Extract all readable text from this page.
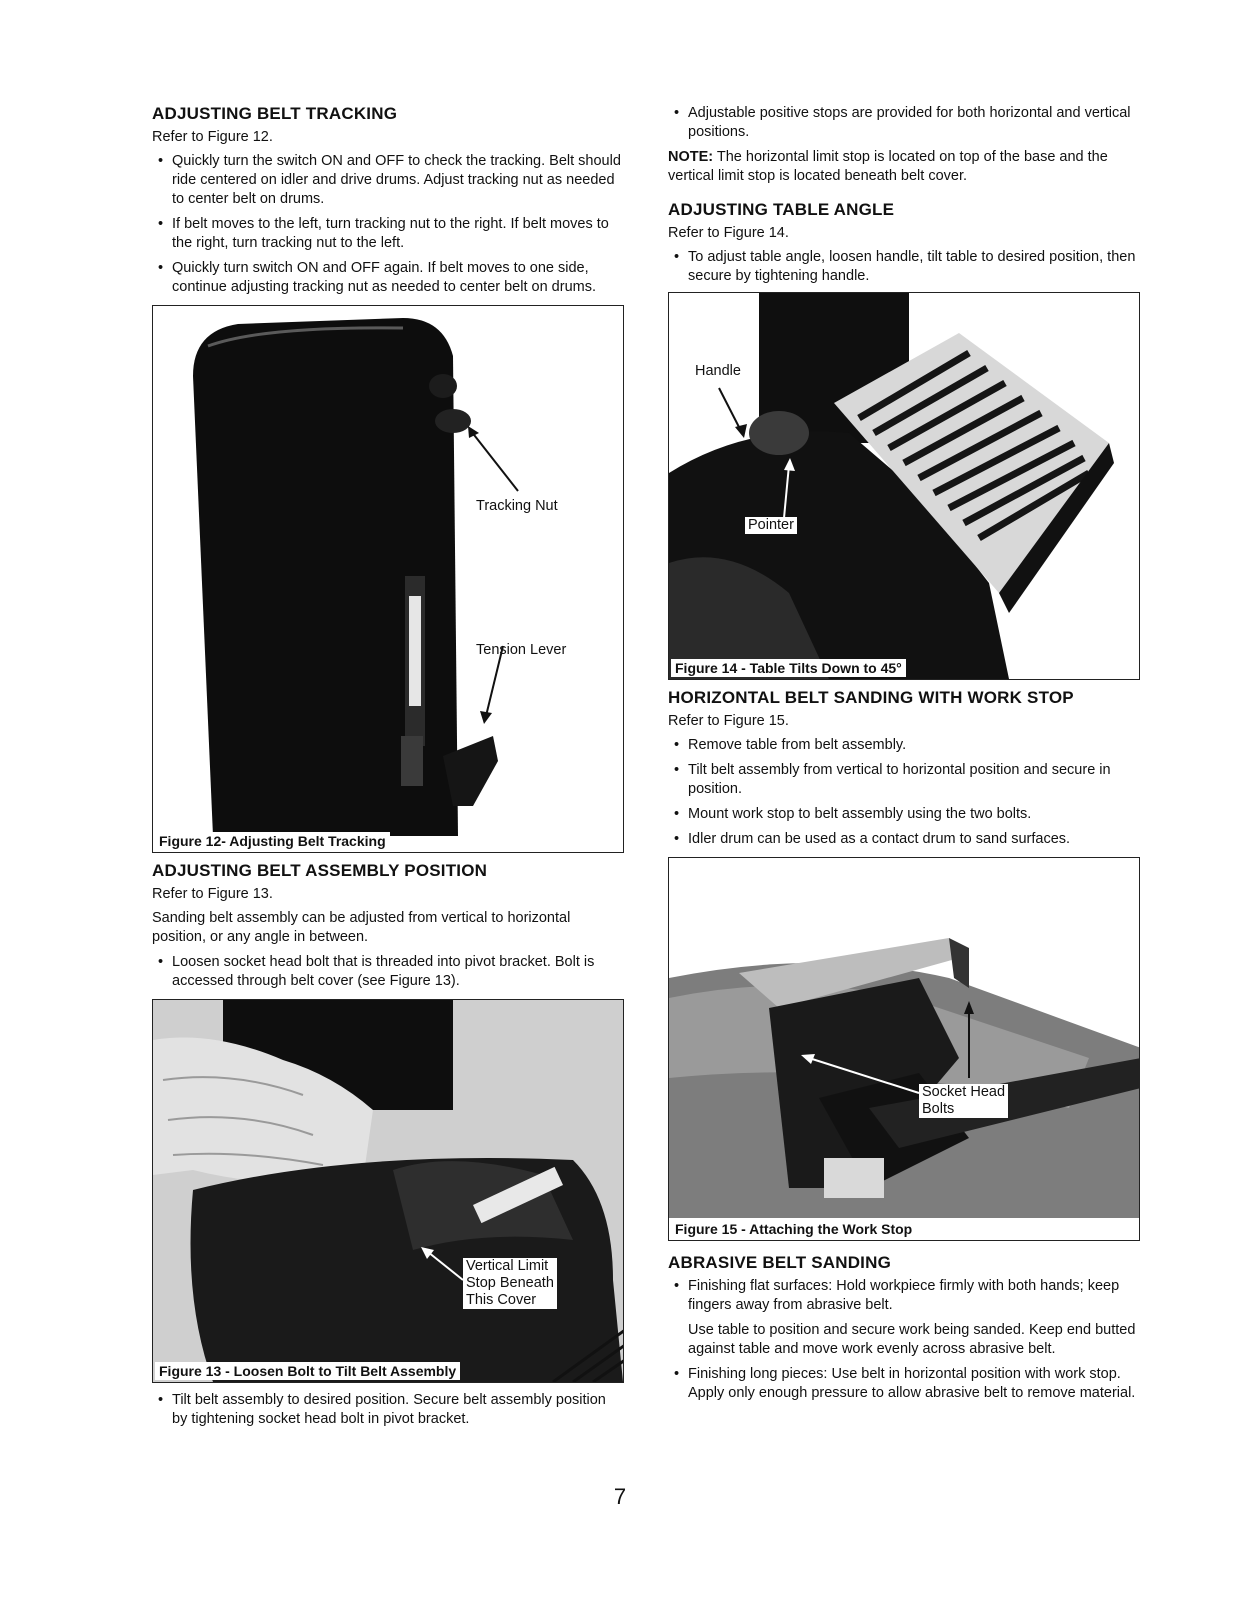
ADJUSTING BELT TRACKING

Refer to Figure 12.

• Quickly turn the switch ON and OFF to check the tracking. Belt should ride centered on idler and drive drums. Adjust tracking nut as needed to center belt on drums.
• If belt moves to the left, turn tracking nut to the right. If belt moves to the right, turn tracking nut to the left.
• Quickly turn switch ON and OFF again. If belt moves to one side, continue adjusting tracking nut as needed to center belt on drums.
Tracking Nut
Tension Lever
Figure 12- Adjusting Belt Tracking
ADJUSTING BELT ASSEMBLY POSITION

Refer to Figure 13.

Sanding belt assembly can be adjusted from vertical to horizontal position, or any angle in between.

• Loosen socket head bolt that is threaded into pivot bracket. Bolt is accessed through belt cover (see Figure 13).
Vertical Limit
Stop Beneath
This Cover
Figure 13 - Loosen Bolt to Tilt Belt Assembly
• Tilt belt assembly to desired position. Secure belt assembly position by tightening socket head bolt in pivot bracket.
• Adjustable positive stops are provided for both horizontal and vertical positions.

NOTE: The horizontal limit stop is located on top of the base and the vertical limit stop is located beneath belt cover.

ADJUSTING TABLE ANGLE

Refer to Figure 14.

• To adjust table angle, loosen handle, tilt table to desired position, then secure by tightening handle.
Handle
Pointer
Figure 14 - Table Tilts Down to 45°
HORIZONTAL BELT SANDING WITH WORK STOP

Refer to Figure 15.

• Remove table from belt assembly.
• Tilt belt assembly from vertical to horizontal position and secure in position.
• Mount work stop to belt assembly using the two bolts.
• Idler drum can be used as a contact drum to sand surfaces.
Socket Head
Bolts
Figure 15 - Attaching the Work Stop
ABRASIVE BELT SANDING
• Finishing flat surfaces: Hold workpiece firmly with both hands; keep fingers away from abrasive belt.

Use table to position and secure work being sanded. Keep end butted against table and move work evenly across abrasive belt.

• Finishing long pieces: Use belt in horizontal position with work stop. Apply only enough pressure to allow abrasive belt to remove material.
7
